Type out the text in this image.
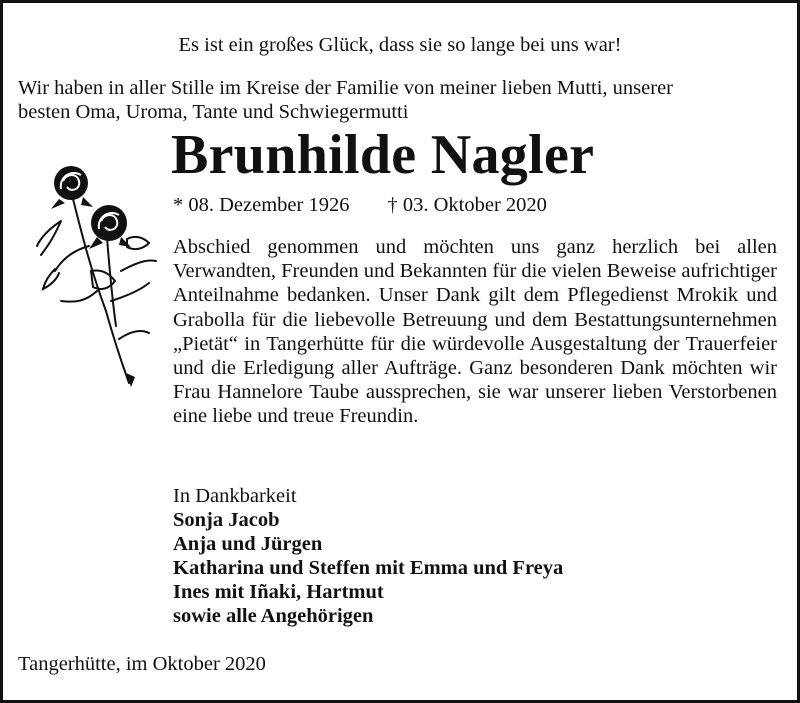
Es ist ein großes Glück, dass sie so lange bei uns war!
Wir haben in aller Stille im Kreise der Familie von meiner lieben Mutti, unserer
besten Oma, Uroma, Tante und Schwiegermutti
Brunhilde Nagler
* 08. Dezember 1926 † 03. Oktober 2020
Abschied genommen und möchten uns ganz herzlich bei allen Verwandten, Freunden und Bekannten für die vielen Beweise aufrichtiger Anteilnahme bedanken. Unser Dank gilt dem Pflegedienst Mrokik und Grabolla für die liebevolle Betreuung und dem Bestattungsunternehmen „Pietät“ in Tangerhütte für die würdevolle Ausgestaltung der Trauerfeier und die Erledigung aller Aufträge. Ganz besonderen Dank möchten wir Frau Hannelore Taube aussprechen, sie war unserer lieben Verstorbenen eine liebe und treue Freundin.
In Dankbarkeit
Sonja Jacob
Anja und Jürgen
Katharina und Steffen mit Emma und Freya
Ines mit Iñaki, Hartmut
sowie alle Angehörigen
Tangerhütte, im Oktober 2020
